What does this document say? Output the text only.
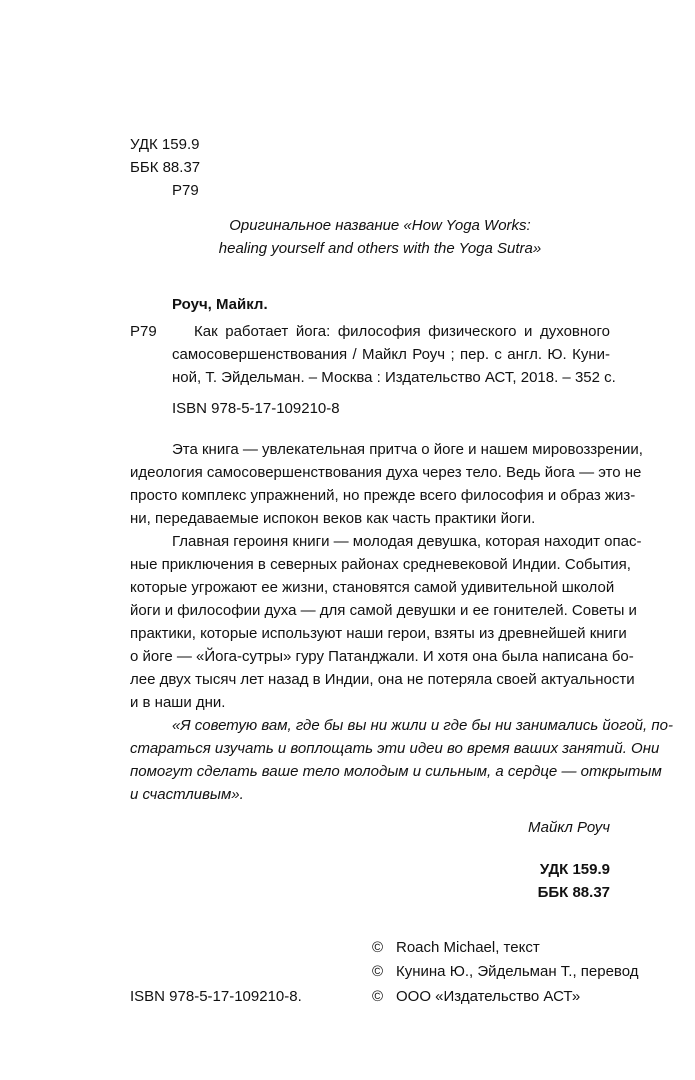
УДК 159.9
ББК 88.37
Р79
Оригинальное название «How Yoga Works:
healing yourself and others with the Yoga Sutra»
Роуч, Майкл.
Р79 Как работает йога: философия физического и духовного
самосовершенствования / Майкл Роуч ; пер. с англ. Ю. Куни-
ной, Т. Эйдельман. – Москва : Издательство АСТ, 2018. – 352 с.
ISBN 978-5-17-109210-8
Эта книга — увлекательная притча о йоге и нашем мировоззрении,
идеология самосовершенствования духа через тело. Ведь йога — это не
просто комплекс упражнений, но прежде всего философия и образ жиз-
ни, передаваемые испокон веков как часть практики йоги.
Главная героиня книги — молодая девушка, которая находит опас-
ные приключения в северных районах средневековой Индии. События,
которые угрожают ее жизни, становятся самой удивительной школой
йоги и философии духа — для самой девушки и ее гонителей. Советы и
практики, которые используют наши герои, взяты из древнейшей книги
о йоге — «Йога-сутры» гуру Патанджали. И хотя она была написана бо-
лее двух тысяч лет назад в Индии, она не потеряла своей актуальности
и в наши дни.
«Я советую вам, где бы вы ни жили и где бы ни занимались йогой, по-
стараться изучать и воплощать эти идеи во время ваших занятий. Они
помогут сделать ваше тело молодым и сильным, а сердце — открытым
и счастливым».
Майкл Роуч
УДК 159.9
ББК 88.37
ISBN 978-5-17-109210-8.
© Roach Michael, текст
© Кунина Ю., Эйдельман Т., перевод
© ООО «Издательство АСТ»
